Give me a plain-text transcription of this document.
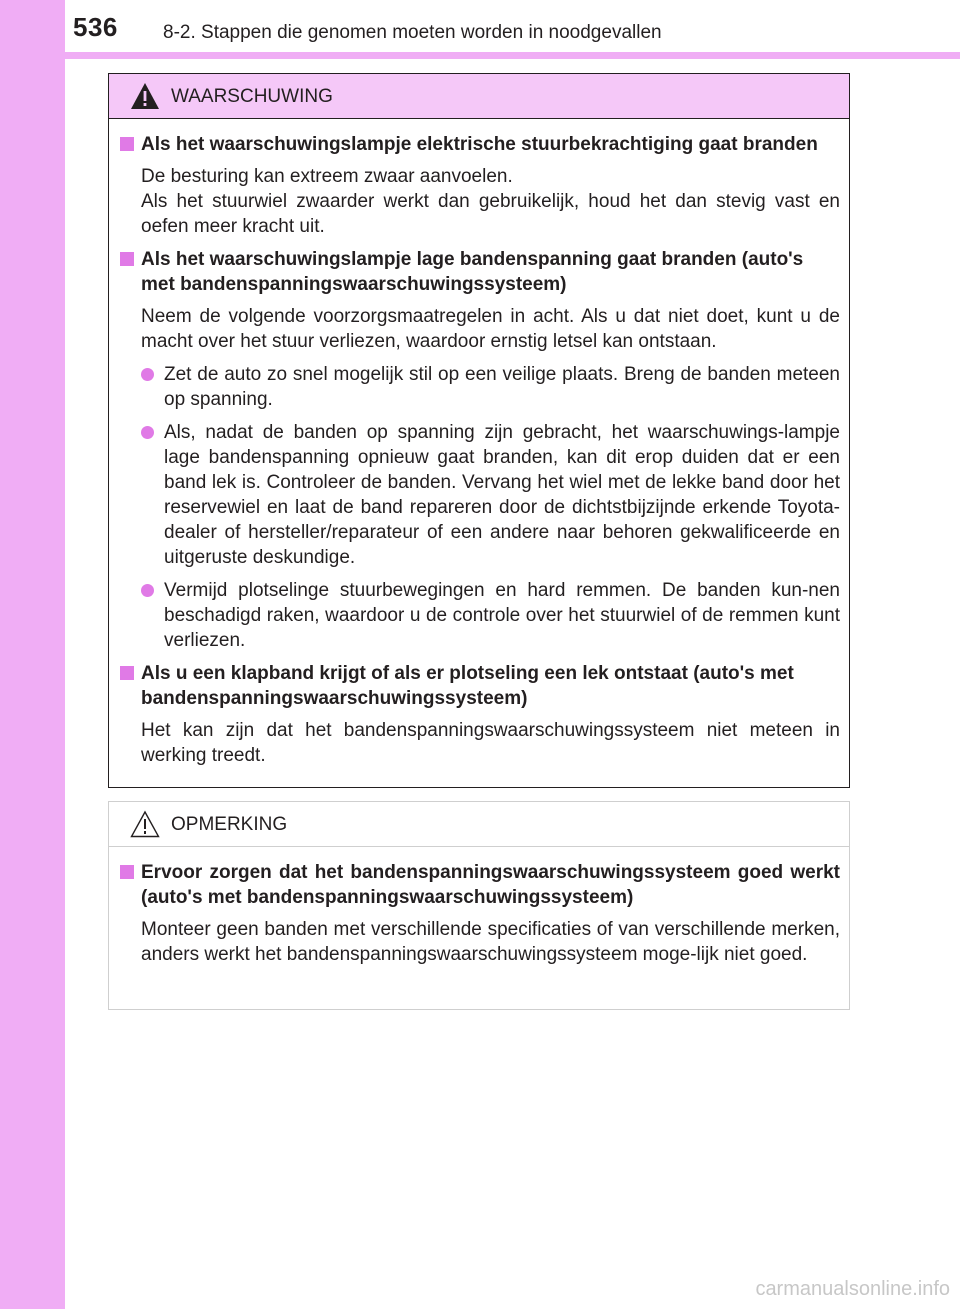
536 8-2. Stappen die genomen moeten worden in noodgevallen
WAARSCHUWING
Als het waarschuwingslampje elektrische stuurbekrachtiging gaat branden
De besturing kan extreem zwaar aanvoelen.
Als het stuurwiel zwaarder werkt dan gebruikelijk, houd het dan stevig vast en oefen meer kracht uit.
Als het waarschuwingslampje lage bandenspanning gaat branden (auto's met bandenspanningswaarschuwingssysteem)
Neem de volgende voorzorgsmaatregelen in acht. Als u dat niet doet, kunt u de macht over het stuur verliezen, waardoor ernstig letsel kan ontstaan.
Zet de auto zo snel mogelijk stil op een veilige plaats. Breng de banden meteen op spanning.
Als, nadat de banden op spanning zijn gebracht, het waarschuwings-lampje lage bandenspanning opnieuw gaat branden, kan dit erop duiden dat er een band lek is. Controleer de banden. Vervang het wiel met de lekke band door het reservewiel en laat de band repareren door de dichtstbijzijnde erkende Toyota-dealer of hersteller/reparateur of een andere naar behoren gekwalificeerde en uitgeruste deskundige.
Vermijd plotselinge stuurbewegingen en hard remmen. De banden kun-nen beschadigd raken, waardoor u de controle over het stuurwiel of de remmen kunt verliezen.
Als u een klapband krijgt of als er plotseling een lek ontstaat (auto's met bandenspanningswaarschuwingssysteem)
Het kan zijn dat het bandenspanningswaarschuwingssysteem niet meteen in werking treedt.
OPMERKING
Ervoor zorgen dat het bandenspanningswaarschuwingssysteem goed werkt (auto's met bandenspanningswaarschuwingssysteem)
Monteer geen banden met verschillende specificaties of van verschillende merken, anders werkt het bandenspanningswaarschuwingssysteem moge-lijk niet goed.
carmanualsonline.info
